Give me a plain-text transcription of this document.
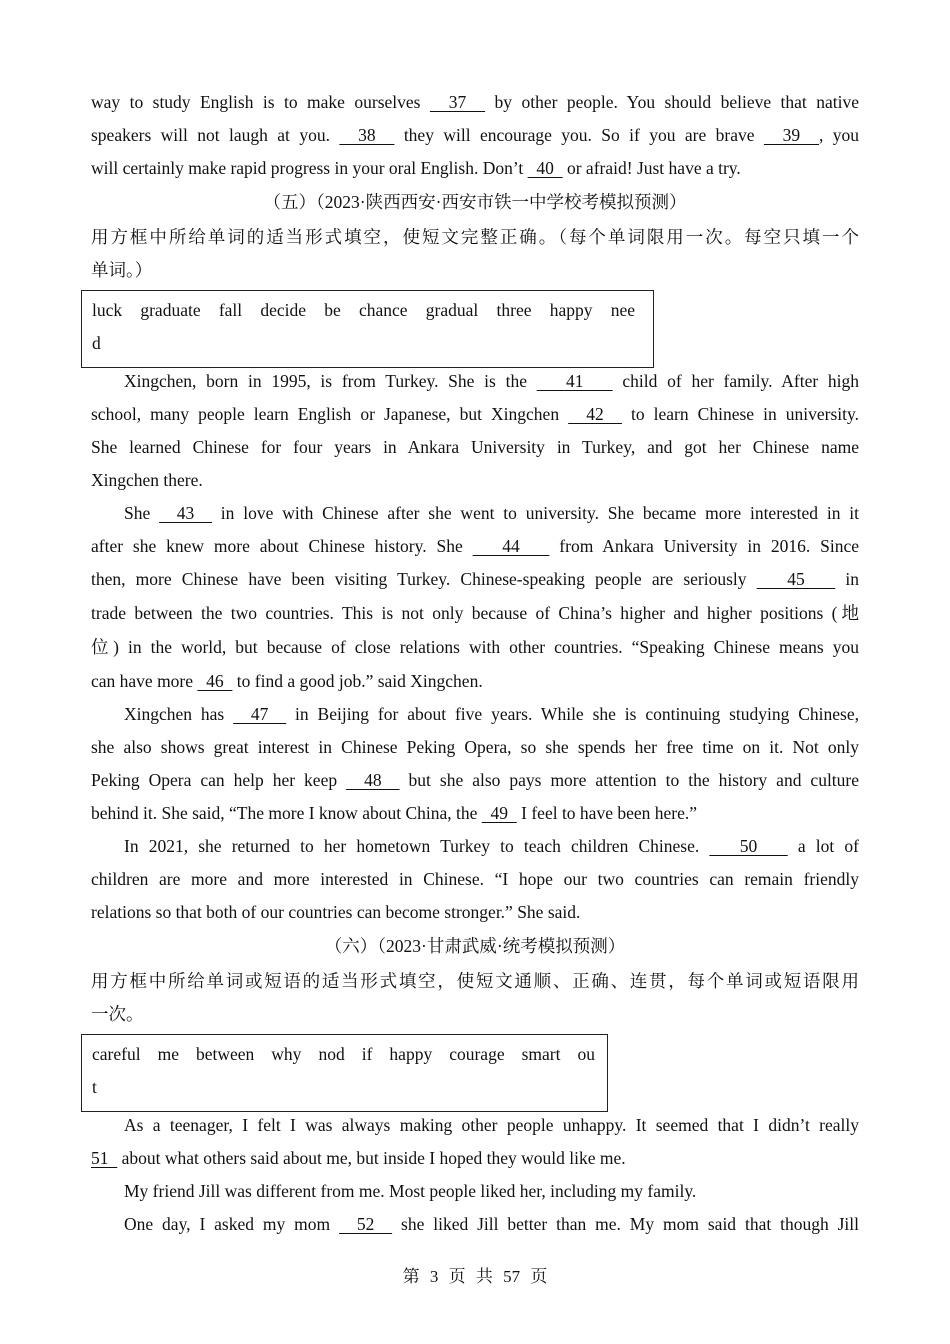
way to study English is to make ourselves   37   by other people. You should believe that native
speakers will not laugh at you.   38   they will encourage you. So if you are brave   39  , you
will certainly make rapid progress in your oral English. Don’t   40   or afraid! Just have a try.
（五）（2023·陕西西安·西安市铁一中学校考模拟预测）
用方框中所给单词的适当形式填空，使短文完整正确。（每个单词限用一次。每空只填一个
单词。）
luck graduate fall decide be chance gradual three happy nee
d
Xingchen, born in 1995, is from Turkey. She is the    41    child of her family. After high
school, many people learn English or Japanese, but Xingchen   42   to learn Chinese in university.
She learned Chinese for four years in Ankara University in Turkey, and got her Chinese name
Xingchen there.
She   43   in love with Chinese after she went to university. She became more interested in it
after she knew more about Chinese history. She    44    from Ankara University in 2016. Since
then, more Chinese have been visiting Turkey. Chinese-speaking people are seriously    45    in
trade between the two countries. This is not only because of China’s higher and higher positions (地
位) in the world, but because of close relations with other countries. “Speaking Chinese means you
can have more   46   to find a good job.” said Xingchen.
Xingchen has   47   in Beijing for about five years. While she is continuing studying Chinese,
she also shows great interest in Chinese Peking Opera, so she spends her free time on it. Not only
Peking Opera can help her keep   48   but she also pays more attention to the history and culture
behind it. She said, “The more I know about China, the   49   I feel to have been here.”
In 2021, she returned to her hometown Turkey to teach children Chinese.    50    a lot of
children are more and more interested in Chinese. “I hope our two countries can remain friendly
relations so that both of our countries can become stronger.” She said.
（六）（2023·甘肃武威·统考模拟预测）
用方框中所给单词或短语的适当形式填空，使短文通顺、正确、连贯，每个单词或短语限用
一次。
careful me between why nod if happy courage smart ou
t
As a teenager, I felt I was always making other people unhappy. It seemed that I didn’t really
51   about what others said about me, but inside I hoped they would like me.
My friend Jill was different from me. Most people liked her, including my family.
One day, I asked my mom   52   she liked Jill better than me. My mom said that though Jill
第 3 页 共 57 页
